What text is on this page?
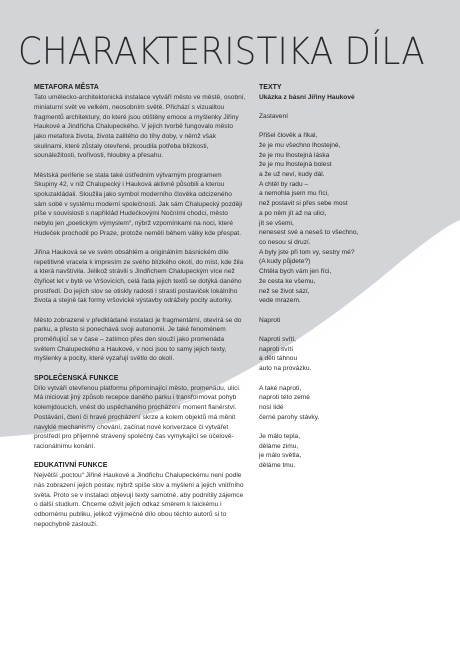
CHARAKTERISTIKA DÍLA

METAFORA MĚSTA

Tato umělecko-architektonická instalace vytváří město ve městě, osobní, miniaturní svět ve velkém, neosobním světě. Přichází s vizualitou fragmentů architektury, do které jsou otištěny emoce a myšlenky Jiřiny Haukové a Jindřicha Chalupeckého. V jejich tvorbě fungovalo město jako metafora života, života zalitého do tíhy doby, v němž však skulinami, které zůstaly otevřené, proudila potřeba blízkosti, sounáležitosti, tvořivosti, hloubky a přesahu.

Městská periferie se stala také ústředním výtvarným programem Skupiny 42, v níž Chalupecký i Hauková aktivně působili a kterou spoluzakládali. Sloužila jako symbol moderního člověka odcizeného sám sobě v systému moderní společnosti. Jak sám Chalupecký později píše v souvislosti s napříkla̓d Hudečkovými Nočními chodci, město nebylo jen „poetickým výmyslem“, nýbrž vzpomínkami na noci, které Hudeček prochodil po Praze, protože nemělí během války kde přespat.

Jiřina Hauková se ve svém obsáhlém a originálním básnickém díle repetitivně vracela k impresím ze svého blízkého okolí, do míst, kde žila a která navštívila. Jelikož strávili s Jindřichem Chalupeckým více než čtyřicet let v bytě ve Vršovicích, celá řada jejich textů se dotýká daného prostředí. Do jejích slov se otiskly radosti i strasti postaviček lokálního života a stejně tak formy vršovické výstavby odrážely pocity autorky.

Město zobrazené v předkládané instalaci je fragmentární, otevírá se do parku, a přesto si ponechává svoji autonomii. Je také fenoménem proměňující́ se v čase – zatímco přes den slouží jako promenáda světem Chalupeckého a Haukové, v noci jsou to samy jejich texty, myšlenky a pocity, které vyzařují světlo do okolí.

SPOLEČENSKÁ FUNKCE

Dílo vytváří otevřenou platformu připomínající město, promenádu, ulici. Má iniciovat jiný způsob recepce daného parku i transformovat pohyb kolemjdoucích, vnést do uspěchaného procházení moment flanérství. Postávání, čtení či hravé procházení skrze a kolem objektů má mênit navyklé mechanismy chování, začínat nové konverzace či vytvářet prostředí pro příjemně strávený společný čas vymykající se účelově-racionálnímu konání.

EDUKATIVNÍ FUNKCE

Největší „poctou“ Jiřině Haukové a Jindřichu Chalupeckému není podle nás zobrazení jejich postav, nýbrž spíše slov a myšlení a jejich vnitřního světa. Proto se v instalaci objevují texty samotné, aby podnítily zájemce o další studium. Chceme oživit jejich odkaz směrem k laickému i odbornému publiku, jelikož výjimečné dílo obou těchto autorů si to nepochybně zaslouží.

TEXTY

Ukázka z básní Jiřiny Haukové

Zastavení

Přišel člověk a řikal,
že je mu všechno lhostejné,
že je mu lhostejná láska
že je mu lhostejná bolest
a že už neví, kudy dál.
A chtěl by radu –
a nemohla jsem mu říci,
než postavit si přes sebe most
a po něm jít až na ulici,
jít se všemi,
nenesest své a neseš to všechno,
co nesou si druzí.
A byly jste při tom vy, sestry mé?
(A kudy půjdete?)
Chtěla bych vám jen říci,
že cesta ke všemu,
než se život sází,
vede mrazem.

Naproti

Naproti svítí,
naproti svítí
a děti táhnou
auto na provázku.
A také naproti,
naproti této zemé
nosí lidé
černé parohy stávky.
Je málo tepla,
děláme zimu,
je málo světla,
děláme tmu.
